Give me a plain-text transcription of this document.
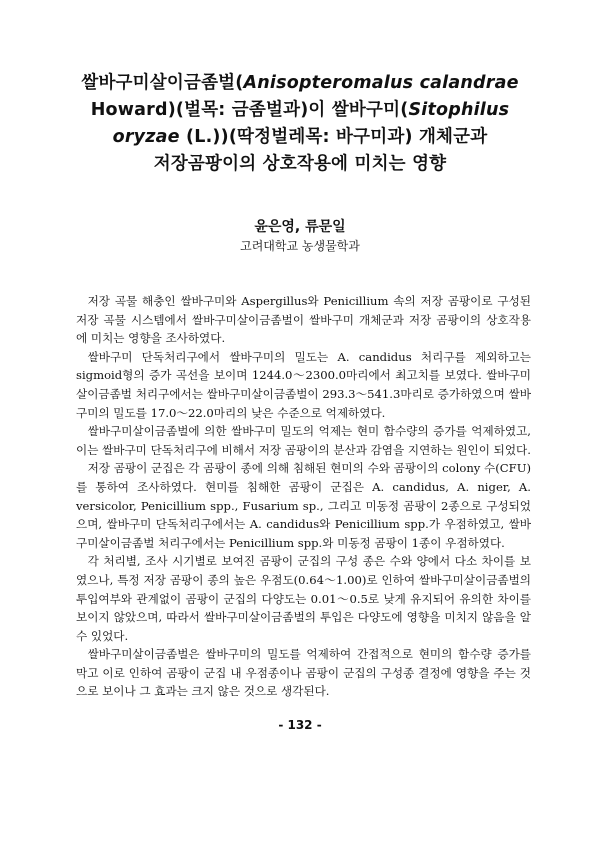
쌀바구미살이금좀벌(Anisopteromalus calandrae
Howard)(벌목: 금좀벌과)이 쌀바구미(Sitophilus
oryzae (L.))(딱정벌레목: 바구미과) 개체군과
저장곰팡이의 상호작용에 미치는 영향
윤은영, 류문일
고려대학교 농생물학과

저장 곡물 해충인 쌀바구미와 Aspergillus와 Penicillium 속의 저장 곰팡이로 구성된 저장 곡물 시스템에서 쌀바구미살이금좀벌이 쌀바구미 개체군과 저장 곰팡이의 상호작용에 미치는 영향을 조사하였다.

쌀바구미 단독처리구에서 쌀바구미의 밀도는 A. candidus 처리구를 제외하고는 sigmoid형의 증가 곡선을 보이며 1244.0～2300.0마리에서 최고치를 보였다. 쌀바구미살이금좀벌 처리구에서는 쌀바구미살이금좀벌이 293.3～541.3마리로 증가하였으며 쌀바구미의 밀도를 17.0～22.0마리의 낮은 수준으로 억제하였다.

쌀바구미살이금좀벌에 의한 쌀바구미 밀도의 억제는 현미 함수량의 증가를 억제하였고, 이는 쌀바구미 단독처리구에 비해서 저장 곰팡이의 분산과 감염을 지연하는 원인이 되었다.

저장 곰팡이 군집은 각 곰팡이 종에 의해 침해된 현미의 수와 곰팡이의 colony 수(CFU)를 통하여 조사하였다. 현미를 침해한 곰팡이 군집은 A. candidus, A. niger, A. versicolor, Penicillium spp., Fusarium sp., 그리고 미동정 곰팡이 2종으로 구성되었으며, 쌀바구미 단독처리구에서는 A. candidus와 Penicillium spp.가 우점하였고, 쌀바구미살이금좀벌 처리구에서는 Penicillium spp.와 미동정 곰팡이 1종이 우점하였다.

각 처리별, 조사 시기별로 보여진 곰팡이 군집의 구성 종은 수와 양에서 다소 차이를 보였으나, 특정 저장 곰팡이 종의 높은 우점도(0.64～1.00)로 인하여 쌀바구미살이금좀벌의 투입여부와 관계없이 곰팡이 군집의 다양도는 0.01～0.5로 낮게 유지되어 유의한 차이를 보이지 않았으며, 따라서 쌀바구미살이금좀벌의 투입은 다양도에 영향을 미치지 않음을 알 수 있었다.

쌀바구미살이금좀벌은 쌀바구미의 밀도를 억제하여 간접적으로 현미의 함수량 증가를 막고 이로 인하여 곰팡이 군집 내 우점종이나 곰팡이 군집의 구성종 결정에 영향을 주는 것으로 보이나 그 효과는 크지 않은 것으로 생각된다.

- 132 -
